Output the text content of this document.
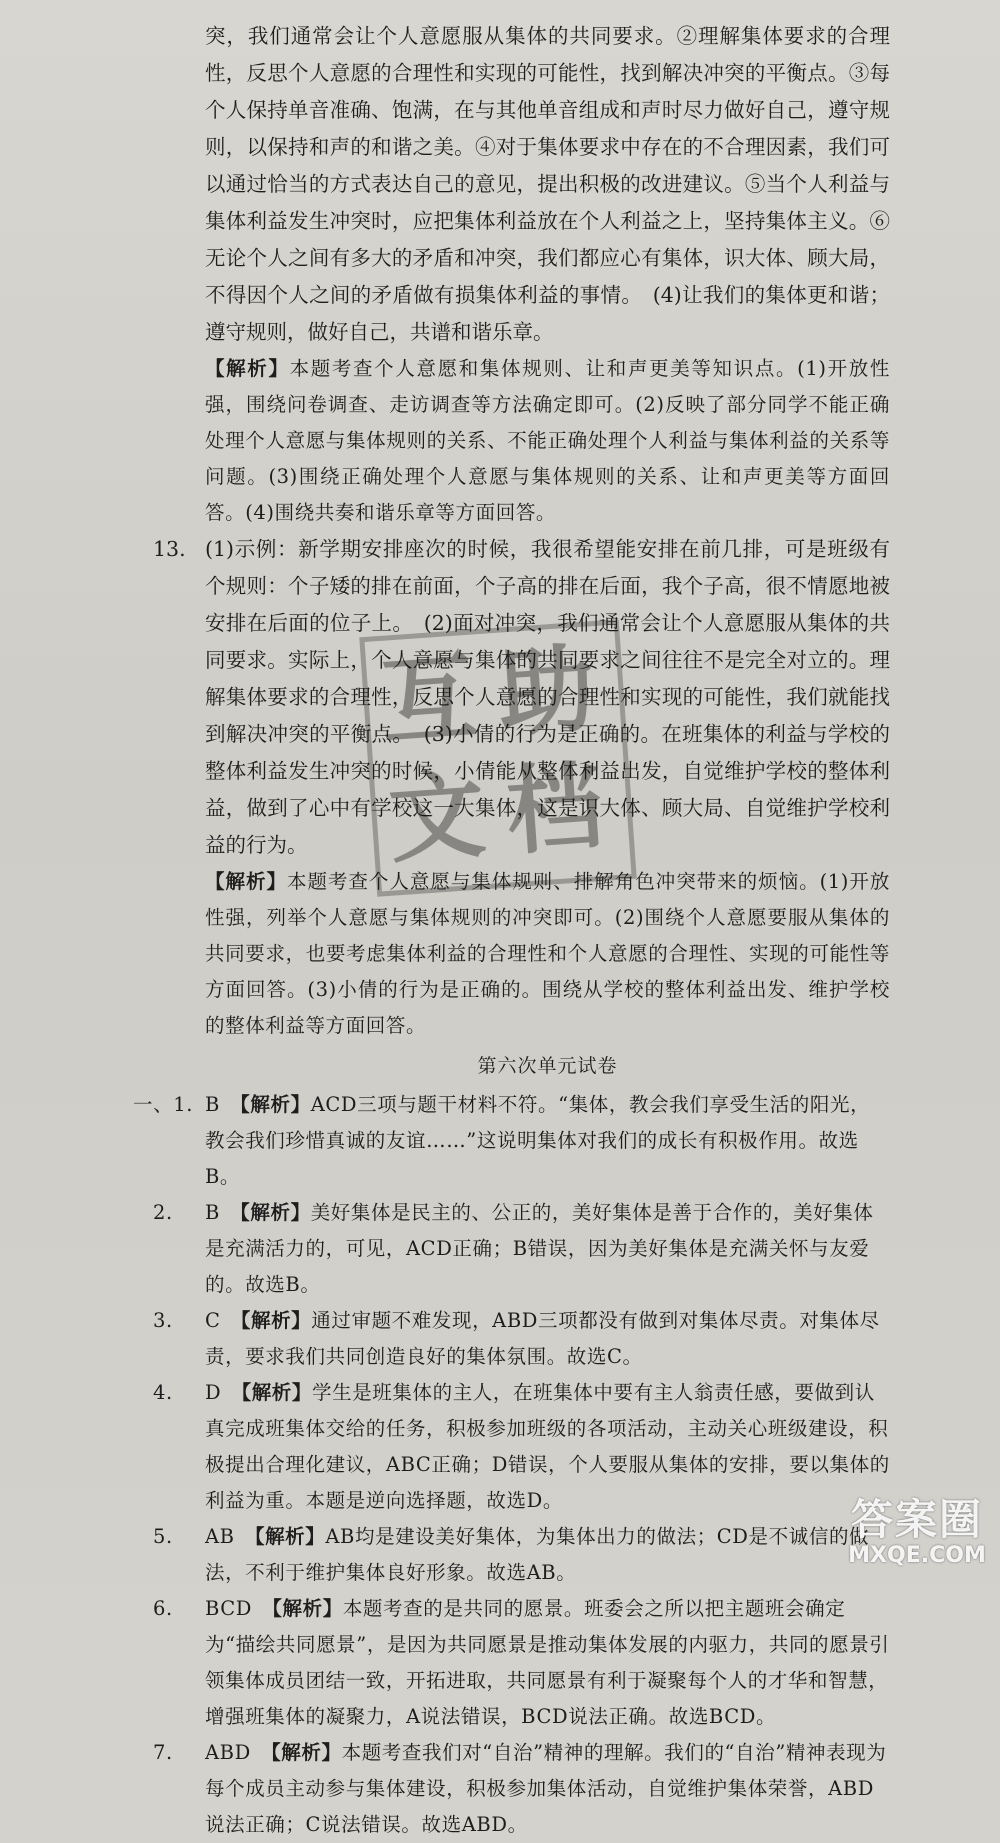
突，我们通常会让个人意愿服从集体的共同要求。②理解集体要求的合理性，反思个人意愿的合理性和实现的可能性，找到解决冲突的平衡点。③每个人保持单音准确、饱满，在与其他单音组成和声时尽力做好自己，遵守规则，以保持和声的和谐之美。④对于集体要求中存在的不合理因素，我们可以通过恰当的方式表达自己的意见，提出积极的改进建议。⑤当个人利益与集体利益发生冲突时，应把集体利益放在个人利益之上，坚持集体主义。⑥无论个人之间有多大的矛盾和冲突，我们都应心有集体，识大体、顾大局，不得因个人之间的矛盾做有损集体利益的事情。　(4)让我们的集体更和谐；遵守规则，做好自己，共谱和谐乐章。

【解析】本题考查个人意愿和集体规则、让和声更美等知识点。(1)开放性强，围绕问卷调查、走访调查等方法确定即可。(2)反映了部分同学不能正确处理个人意愿与集体规则的关系、不能正确处理个人利益与集体利益的关系等问题。(3)围绕正确处理个人意愿与集体规则的关系、让和声更美等方面回答。(4)围绕共奏和谐乐章等方面回答。

13. (1)示例：新学期安排座次的时候，我很希望能安排在前几排，可是班级有个规则：个子矮的排在前面，个子高的排在后面，我个子高，很不情愿地被安排在后面的位子上。　(2)面对冲突，我们通常会让个人意愿服从集体的共同要求。实际上，个人意愿与集体的共同要求之间往往不是完全对立的。理解集体要求的合理性，反思个人意愿的合理性和实现的可能性，我们就能找到解决冲突的平衡点。　(3)小倩的行为是正确的。在班集体的利益与学校的整体利益发生冲突的时候，小倩能从整体利益出发，自觉维护学校的整体利益，做到了心中有学校这一大集体，这是识大体、顾大局、自觉维护学校利益的行为。

【解析】本题考查个人意愿与集体规则、排解角色冲突带来的烦恼。(1)开放性强，列举个人意愿与集体规则的冲突即可。(2)围绕个人意愿要服从集体的共同要求，也要考虑集体利益的合理性和个人意愿的合理性、实现的可能性等方面回答。(3)小倩的行为是正确的。围绕从学校的整体利益出发、维护学校的整体利益等方面回答。

第六次单元试卷
一、1. B　【解析】ACD三项与题干材料不符。“集体，教会我们享受生活的阳光，教会我们珍惜真诚的友谊……”这说明集体对我们的成长有积极作用。故选B。
2. B　【解析】美好集体是民主的、公正的，美好集体是善于合作的，美好集体是充满活力的，可见，ACD正确；B错误，因为美好集体是充满关怀与友爱的。故选B。
3. C　【解析】通过审题不难发现，ABD三项都没有做到对集体尽责。对集体尽责，要求我们共同创造良好的集体氛围。故选C。
4. D　【解析】学生是班集体的主人，在班集体中要有主人翁责任感，要做到认真完成班集体交给的任务，积极参加班级的各项活动，主动关心班级建设，积极提出合理化建议，ABC正确；D错误，个人要服从集体的安排，要以集体的利益为重。本题是逆向选择题，故选D。
5. AB　【解析】AB均是建设美好集体，为集体出力的做法；CD是不诚信的做法，不利于维护集体良好形象。故选AB。
6. BCD　【解析】本题考查的是共同的愿景。班委会之所以把主题班会确定为“描绘共同愿景”，是因为共同愿景是推动集体发展的内驱力，共同的愿景引领集体成员团结一致，开拓进取，共同愿景有利于凝聚每个人的才华和智慧，增强班集体的凝聚力，A说法错误，BCD说法正确。故选BCD。
7. ABD　【解析】本题考查我们对“自治”精神的理解。我们的“自治”精神表现为每个成员主动参与集体建设，积极参加集体活动，自觉维护集体荣誉，ABD说法正确；C说法错误。故选ABD。
互 助
文 档
答案圈
MXQE.COM
